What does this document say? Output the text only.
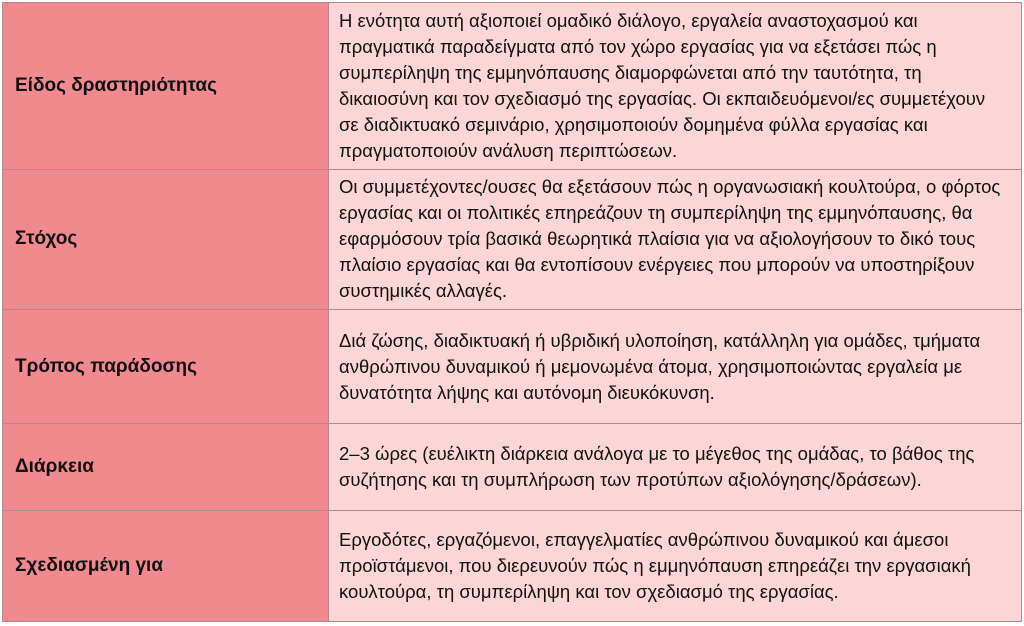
Είδος δραστηριότητας	Η ενότητα αυτή αξιοποιεί ομαδικό διάλογο, εργαλεία αναστοχασμού και πραγματικά παραδείγματα από τον χώρο εργασίας για να εξετάσει πώς η συμπερίληψη της εμμηνόπαυσης διαμορφώνεται από την ταυτότητα, τη δικαιοσύνη και τον σχεδιασμό της εργασίας. Οι εκπαιδευόμενοι/ες συμμετέχουν σε διαδικτυακό σεμινάριο, χρησιμοποιούν δομημένα φύλλα εργασίας και πραγματοποιούν ανάλυση περιπτώσεων.
Στόχος	Οι συμμετέχοντες/ουσες θα εξετάσουν πώς η οργανωσιακή κουλτούρα, ο φόρτος εργασίας και οι πολιτικές επηρεάζουν τη συμπερίληψη της εμμηνόπαυσης, θα εφαρμόσουν τρία βασικά θεωρητικά πλαίσια για να αξιολογήσουν το δικό τους πλαίσιο εργασίας και θα εντοπίσουν ενέργειες που μπορούν να υποστηρίξουν συστημικές αλλαγές.
Τρόπος παράδοσης	Διά ζώσης, διαδικτυακή ή υβριδική υλοποίηση, κατάλληλη για ομάδες, τμήματα ανθρώπινου δυναμικού ή μεμονωμένα άτομα, χρησιμοποιώντας εργαλεία με δυνατότητα λήψης και αυτόνομη διευκόκυνση.
Διάρκεια	2–3 ώρες (ευέλικτη διάρκεια ανάλογα με το μέγεθος της ομάδας, το βάθος της συζήτησης και τη συμπλήρωση των προτύπων αξιολόγησης/δράσεων).
Σχεδιασμένη για	Εργοδότες, εργαζόμενοι, επαγγελματίες ανθρώπινου δυναμικού και άμεσοι προϊστάμενοι, που διερευνούν πώς η εμμηνόπαυση επηρεάζει την εργασιακή κουλτούρα, τη συμπερίληψη και τον σχεδιασμό της εργασίας.
